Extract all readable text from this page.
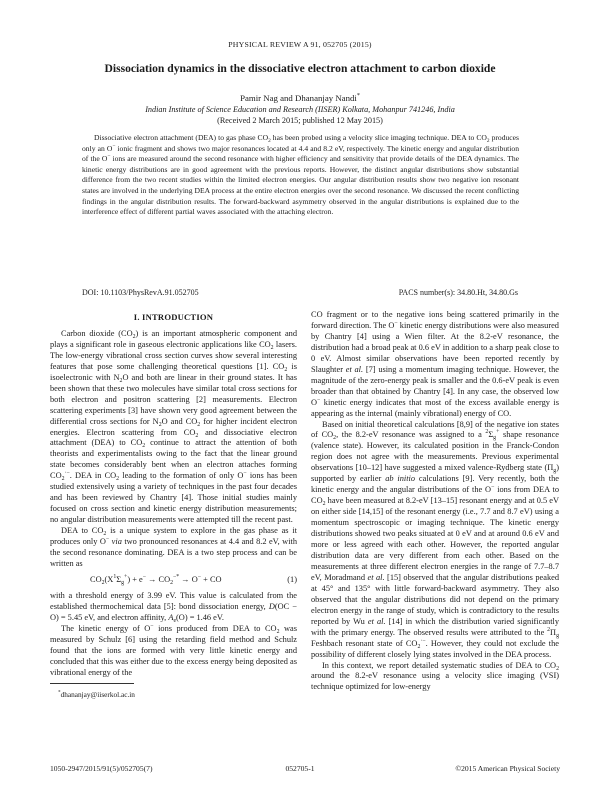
PHYSICAL REVIEW A 91, 052705 (2015)
Dissociation dynamics in the dissociative electron attachment to carbon dioxide
Pamir Nag and Dhananjay Nandi*
Indian Institute of Science Education and Research (IISER) Kolkata, Mohanpur 741246, India
(Received 2 March 2015; published 12 May 2015)
Dissociative electron attachment (DEA) to gas phase $CO_2$ has been probed using a velocity slice imaging technique. DEA to $CO_2$ produces only an O− ionic fragment and shows two major resonances located at 4.4 and 8.2 eV, respectively. The kinetic energy and angular distribution of the O− ions are measured around the second resonance with higher efficiency and sensitivity that provide details of the DEA dynamics. The kinetic energy distributions are in good agreement with the previous reports. However, the distinct angular distributions show substantial difference from the two recent studies within the limited electron energies. Our angular distribution results show two negative ion resonant states are involved in the underlying DEA process at the entire electron energies over the second resonance. We discussed the recent conflicting findings in the angular distribution results. The forward-backward asymmetry observed in the angular distributions is explained due to the interference effect of different partial waves associated with the attaching electron.
DOI: 10.1103/PhysRevA.91.052705	PACS number(s): 34.80.Ht, 34.80.Gs
I. INTRODUCTION

Carbon dioxide $(CO_2)$ is an important atmospheric component and plays a significant role in gaseous electronic applications like $CO_2$ lasers. The low-energy vibrational cross section curves show several interesting features that pose some challenging theoretical questions [1]. $CO_2$ is isoelectronic with $N_2O$ and both are linear in their ground states. It has been shown that these two molecules have similar total cross sections for both electron and positron scattering [2] measurements. Electron scattering experiments [3] have shown very good agreement between the differential cross sections for $N_2O$ and $CO_2$ for higher incident electron energies. Electron scattering from $CO_2$ and dissociative electron attachment (DEA) to $CO_2$ continue to attract the attention of both theorists and experimentalists owing to the fact that the linear ground state becomes considerably bent when an electron attaches forming $CO_2^{\cdot-}$. DEA in $CO_2$ leading to the formation of only O− ions has been studied extensively using a variety of techniques in the past four decades and has been reviewed by Chantry [4]. Those initial studies mainly focused on cross section and kinetic energy distribution measurements; no angular distribution measurements were attempted till the recent past.

DEA to $CO_2$ is a unique system to explore in the gas phase as it produces only O− via two pronounced resonances at 4.4 and 8.2 eV, with the second resonance dominating. DEA is a two step process and can be written as

$CO_2(X^1\Sigma_g^+) + e^- \to CO_2^{-*} \to O^-$ + CO	(1)

with a threshold energy of 3.99 eV. This value is calculated from the established thermochemical data [5]: bond dissociation energy, D(OC − O) = 5.45 eV, and electron affinity, $A_e(O) = 1.46$ eV.

The kinetic energy of O− ions produced from DEA to $CO_2$ was measured by Schulz [6] using the retarding field method and Schulz found that the ions are formed with very little kinetic energy and concluded that this was either due to the excess energy being deposited as vibrational energy of the

*dhananjay@iiserkol.ac.in

CO fragment or to the negative ions being scattered primarily in the forward direction. The O− kinetic energy distributions were also measured by Chantry [4] using a Wien filter. At the 8.2-eV resonance, the distribution had a broad peak at 0.6 eV in addition to a sharp peak close to 0 eV. Almost similar observations have been reported recently by Slaughter et al. [7] using a momentum imaging technique. However, the magnitude of the zero-energy peak is smaller and the 0.6-eV peak is even broader than that obtained by Chantry [4]. In any case, the observed low O− kinetic energy indicates that most of the excess available energy is appearing as the internal (mainly vibrational) energy of CO.

Based on initial theoretical calculations [8,9] of the negative ion states of $CO_2$, the 8.2-eV resonance was assigned to a $^2\Sigma_g^+$ shape resonance (valence state). However, its calculated position in the Franck-Condon region does not agree with the measurements. Previous experimental observations [10–12] have suggested a mixed valence-Rydberg state $(\Pi_g)$ supported by earlier ab initio calculations [9]. Very recently, both the kinetic energy and the angular distributions of the O− ions from DEA to $CO_2$ have been measured at 8.2-eV [13–15] resonant energy and at 0.5 eV on either side [14,15] of the resonant energy (i.e., 7.7 and 8.7 eV) using a momentum spectroscopic or imaging technique. The kinetic energy distributions showed two peaks situated at 0 eV and at around 0.6 eV and more or less agreed with each other. However, the reported angular distribution data are very different from each other. Based on the measurements at three different electron energies in the range of 7.7–8.7 eV, Moradmand et al. [15] observed that the angular distributions peaked at 45° and 135° with little forward-backward asymmetry. They also observed that the angular distributions did not depend on the primary electron energy in the range of study, which is contradictory to the results reported by Wu et al. [14] in which the distribution varied significantly with the primary energy. The observed results were attributed to the $^2\Pi_g$ Feshbach resonant state of $CO_2^{\cdot-}$. However, they could not exclude the possibility of different closely lying states involved in the DEA process.

In this context, we report detailed systematic studies of DEA to $CO_2$ around the 8.2-eV resonance using a velocity slice imaging (VSI) technique optimized for low-energy

1050-2947/2015/91(5)/052705(7)	052705-1	©2015 American Physical Society
